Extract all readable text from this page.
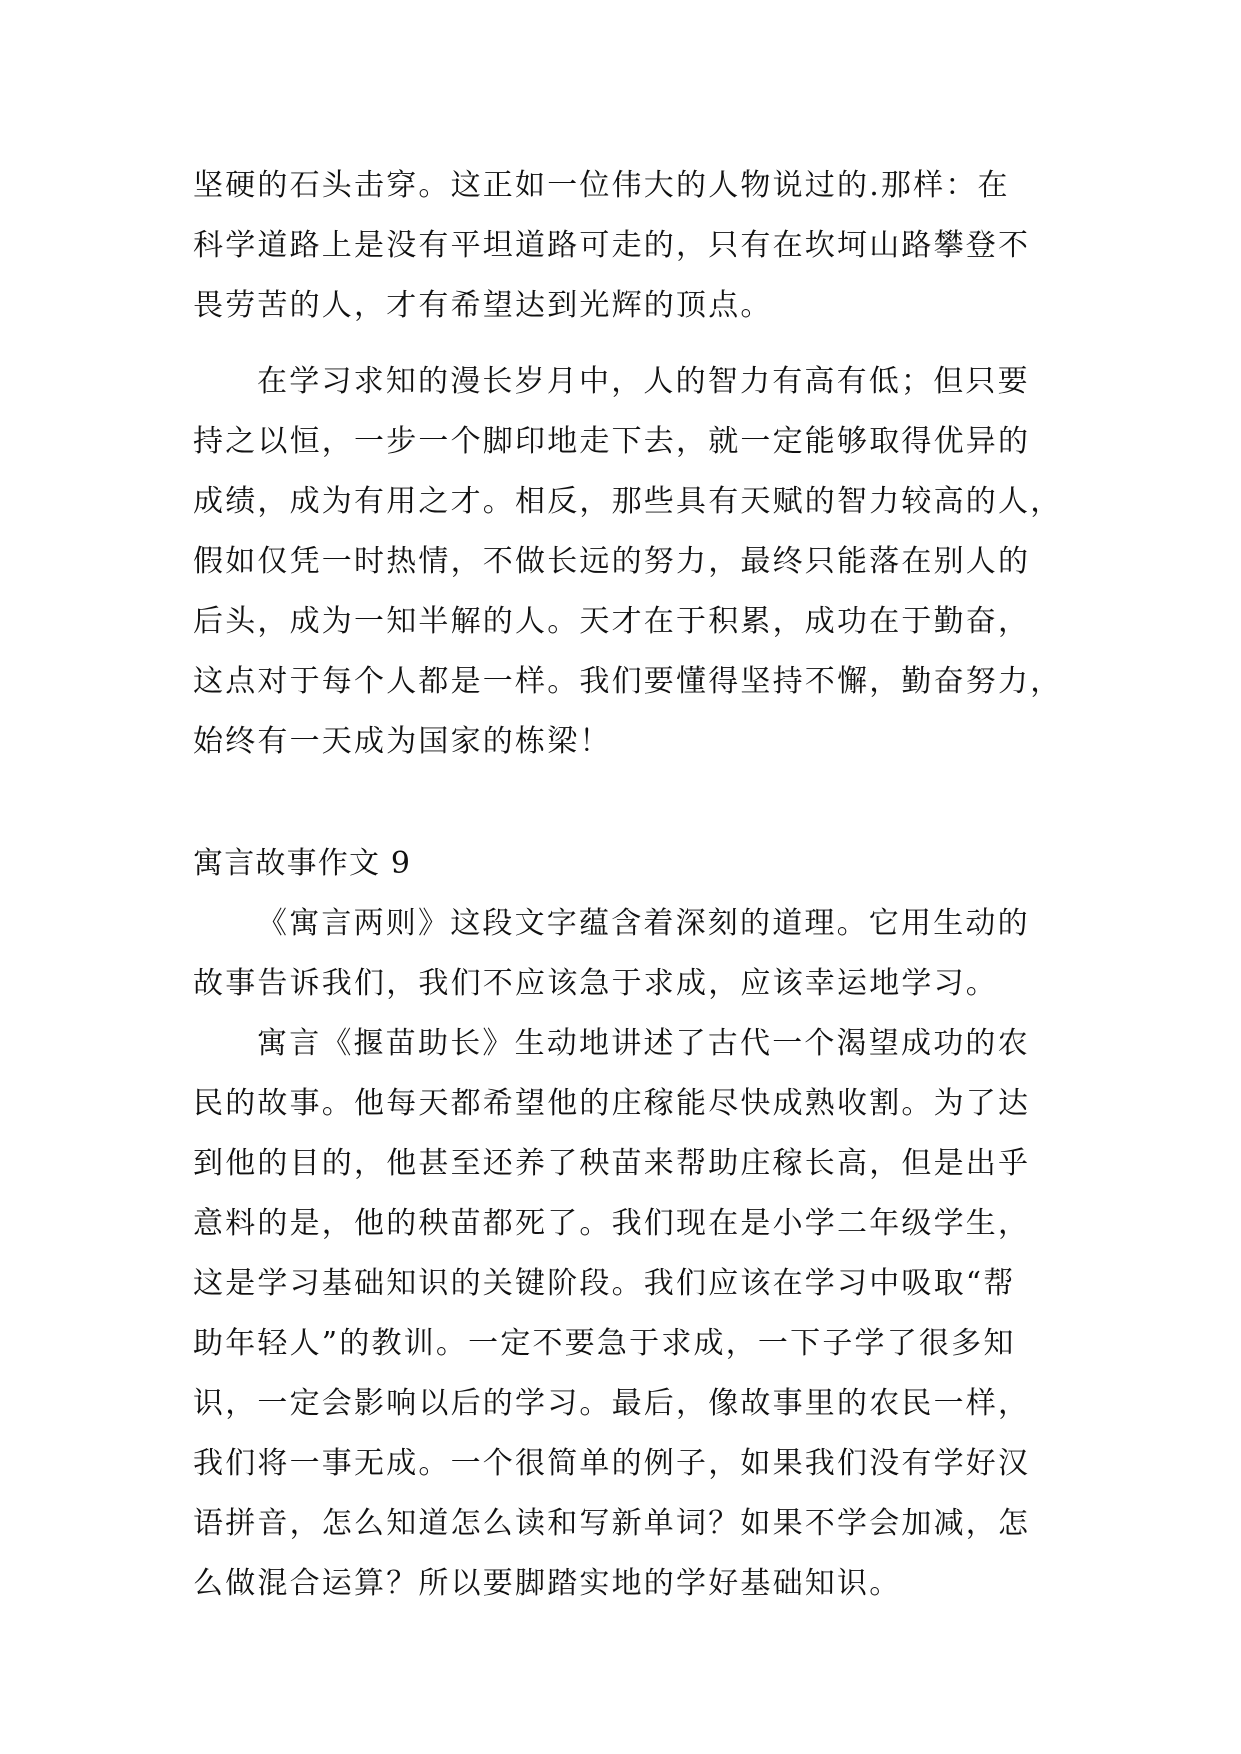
坚硬的石头击穿。这正如一位伟大的人物说过的.那样：在
科学道路上是没有平坦道路可走的，只有在坎坷山路攀登不
畏劳苦的人，才有希望达到光辉的顶点。
在学习求知的漫长岁月中，人的智力有高有低；但只要
持之以恒，一步一个脚印地走下去，就一定能够取得优异的
成绩，成为有用之才。相反，那些具有天赋的智力较高的人，
假如仅凭一时热情，不做长远的努力，最终只能落在别人的
后头，成为一知半解的人。天才在于积累，成功在于勤奋，
这点对于每个人都是一样。我们要懂得坚持不懈，勤奋努力，
始终有一天成为国家的栋梁！
寓言故事作文 9
《寓言两则》这段文字蕴含着深刻的道理。它用生动的
故事告诉我们，我们不应该急于求成，应该幸运地学习。
寓言《揠苗助长》生动地讲述了古代一个渴望成功的农
民的故事。他每天都希望他的庄稼能尽快成熟收割。为了达
到他的目的，他甚至还养了秧苗来帮助庄稼长高，但是出乎
意料的是，他的秧苗都死了。我们现在是小学二年级学生，
这是学习基础知识的关键阶段。我们应该在学习中吸取“帮
助年轻人”的教训。一定不要急于求成，一下子学了很多知
识，一定会影响以后的学习。最后，像故事里的农民一样，
我们将一事无成。一个很简单的例子，如果我们没有学好汉
语拼音，怎么知道怎么读和写新单词？如果不学会加减，怎
么做混合运算？所以要脚踏实地的学好基础知识。
